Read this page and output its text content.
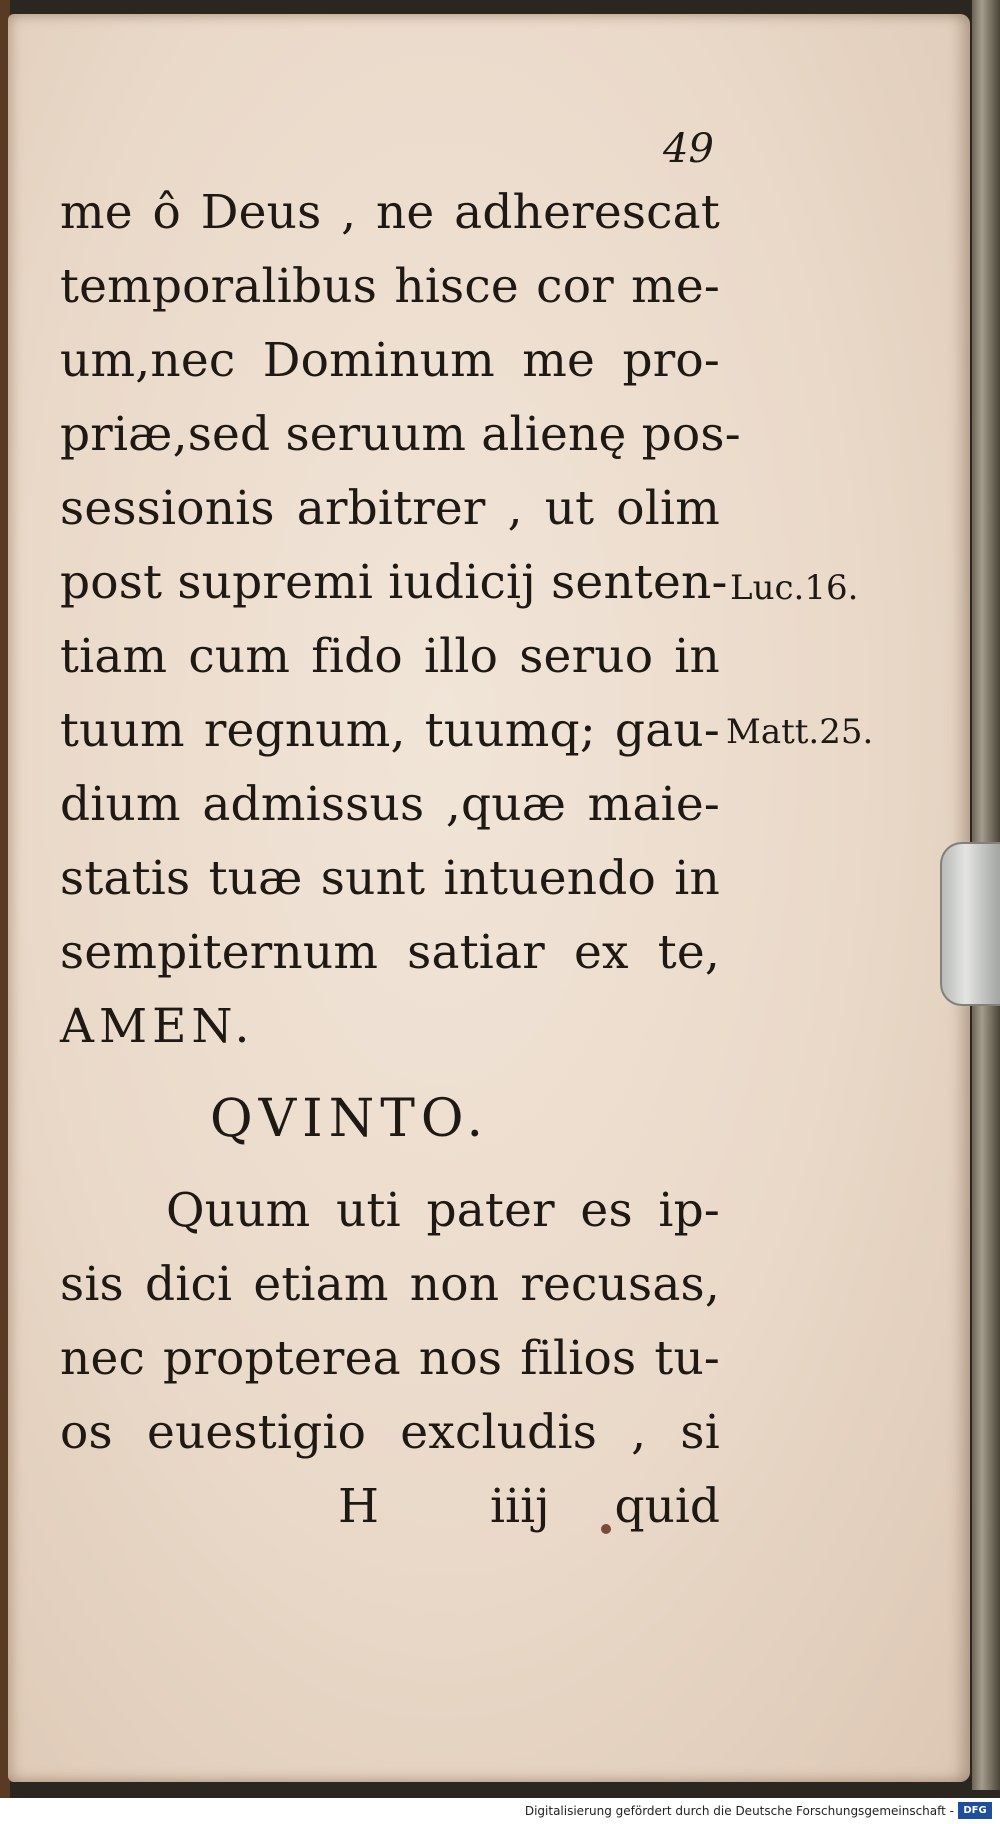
49
me ô Deus , ne adherescat
temporalibus hisce cor me-
um,nec Dominum me pro-
priæ,sed seruum alienę pos-
sessionis arbitrer , ut olim
post supremi iudicij senten-
tiam cum fido illo seruo in
tuum regnum, tuumq; gau-
dium admissus ,quæ maie-
statis tuæ sunt intuendo in
sempiternum satiar ex te,
AMEN.
QVINTO.
Quum uti pater es ip-
sis dici etiam non recusas,
nec propterea nos filios tu-
os euestigio excludis , si
H iiij quid
Luc.16.
Matt.25.
Digitalisierung gefördert durch die Deutsche Forschungsgemeinschaft - DFG
